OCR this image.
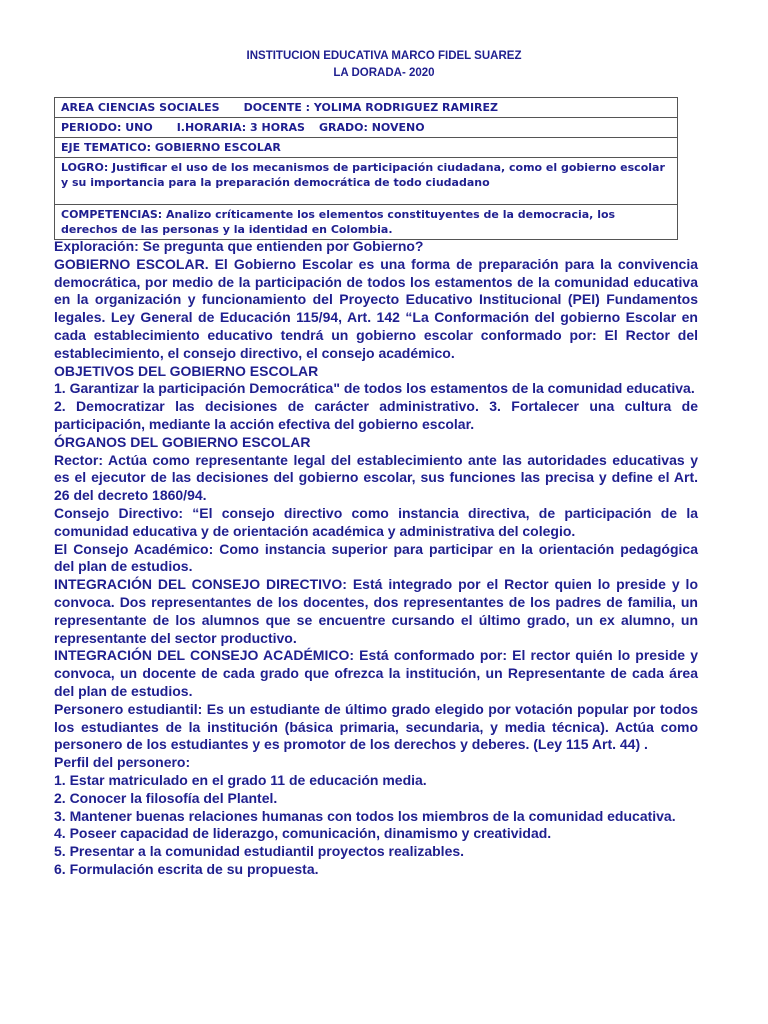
INSTITUCION EDUCATIVA MARCO FIDEL SUAREZ
LA DORADA- 2020
AREA CIENCIAS SOCIALES DOCENTE : YOLIMA RODRIGUEZ RAMIREZ
PERIODO: UNO I.HORARIA: 3 HORAS GRADO: NOVENO
EJE TEMATICO: GOBIERNO ESCOLAR
LOGRO: Justificar el uso de los mecanismos de participación ciudadana, como el gobierno escolar y su importancia para la preparación democrática de todo ciudadano
COMPETENCIAS: Analizo críticamente los elementos constituyentes de la democracia, los derechos de las personas y la identidad en Colombia.

Exploración: Se pregunta que entienden por Gobierno?

GOBIERNO ESCOLAR. El Gobierno Escolar es una forma de preparación para la convivencia democrática, por medio de la participación de todos los estamentos de la comunidad educativa en la organización y funcionamiento del Proyecto Educativo Institucional (PEI) Fundamentos legales. Ley General de Educación 115/94, Art. 142 “La Conformación del gobierno Escolar en cada establecimiento educativo tendrá un gobierno escolar conformado por: El Rector del establecimiento, el consejo directivo, el consejo académico.

OBJETIVOS DEL GOBIERNO ESCOLAR

1. Garantizar la participación Democrática" de todos los estamentos de la comunidad educativa.

2. Democratizar las decisiones de carácter administrativo. 3. Fortalecer una cultura de participación, mediante la acción efectiva del gobierno escolar.

ÓRGANOS DEL GOBIERNO ESCOLAR

Rector: Actúa como representante legal del establecimiento ante las autoridades educativas y es el ejecutor de las decisiones del gobierno escolar, sus funciones las precisa y define el Art. 26 del decreto 1860/94.

Consejo Directivo: “El consejo directivo como instancia directiva, de participación de la comunidad educativa y de orientación académica y administrativa del colegio.

El Consejo Académico: Como instancia superior para participar en la orientación pedagógica del plan de estudios.

INTEGRACIÓN DEL CONSEJO DIRECTIVO: Está integrado por el Rector quien lo preside y lo convoca. Dos representantes de los docentes, dos representantes de los padres de familia, un representante de los alumnos que se encuentre cursando el último grado, un ex alumno, un representante del sector productivo.

INTEGRACIÓN DEL CONSEJO ACADÉMICO: Está conformado por: El rector quién lo preside y convoca, un docente de cada grado que ofrezca la institución, un Representante de cada área del plan de estudios.

Personero estudiantil: Es un estudiante de último grado elegido por votación popular por todos los estudiantes de la institución (básica primaria, secundaria, y media técnica). Actúa como personero de los estudiantes y es promotor de los derechos y deberes. (Ley 115 Art. 44) .

Perfil del personero:

1. Estar matriculado en el grado 11 de educación media.

2. Conocer la filosofía del Plantel.

3. Mantener buenas relaciones humanas con todos los miembros de la comunidad educativa.

4. Poseer capacidad de liderazgo, comunicación, dinamismo y creatividad.

5. Presentar a la comunidad estudiantil proyectos realizables.

6. Formulación escrita de su propuesta.
